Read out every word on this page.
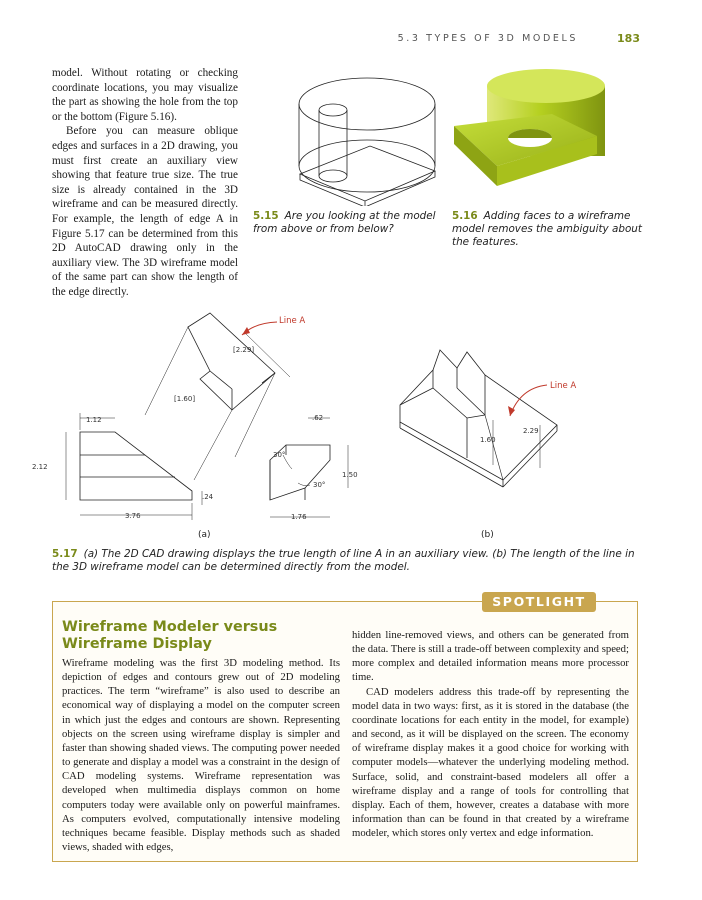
5.3 TYPES OF 3D MODELS	183

model. Without rotating or checking coordinate locations, you may visualize the part as showing the hole from the top or the bottom (Figure 5.16).

Before you can measure oblique edges and surfaces in a 2D drawing, you must first create an auxiliary view showing that feature true size. The true size is already contained in the 3D wireframe and can be measured directly. For example, the length of edge A in Figure 5.17 can be determined from this 2D AutoCAD drawing only in the auxiliary view. The 3D wireframe model of the same part can show the length of the edge directly.

5.15 Are you looking at the model from above or from below?
5.16 Adding faces to a wireframe model removes the ambiguity about the features.
Line A
[2.29]
[1.60]
1.12
2.12
.24
3.76
.62
30°
30°
1.50
1.76
(a)
Line A
1.60
2.29
(b)
5.17 (a) The 2D CAD drawing displays the true length of line A in an auxiliary view. (b) The length of the line in the 3D wireframe model can be determined directly from the model.
SPOTLIGHT
Wireframe Modeler versus
Wireframe Display

Wireframe modeling was the first 3D modeling method. Its depiction of edges and contours grew out of 2D modeling practices. The term “wireframe” is also used to describe an economical way of displaying a model on the computer screen in which just the edges and contours are shown. Representing objects on the screen using wireframe display is simpler and faster than showing shaded views. The computing power needed to generate and display a model was a constraint in the design of CAD modeling systems. Wireframe representation was developed when multimedia displays common on home computers today were available only on powerful mainframes. As computers evolved, computationally intensive modeling techniques became feasible. Display methods such as shaded views, shaded with edges,

hidden line-removed views, and others can be generated from the data. There is still a trade-off between complexity and speed; more complex and detailed information means more processor time.

CAD modelers address this trade-off by representing the model data in two ways: first, as it is stored in the database (the coordinate locations for each entity in the model, for example) and second, as it will be displayed on the screen. The economy of wireframe display makes it a good choice for working with computer models—whatever the underlying modeling method. Surface, solid, and constraint-based modelers all offer a wireframe display and a range of tools for controlling that display. Each of them, however, creates a database with more information than can be found in that created by a wireframe modeler, which stores only vertex and edge information.
